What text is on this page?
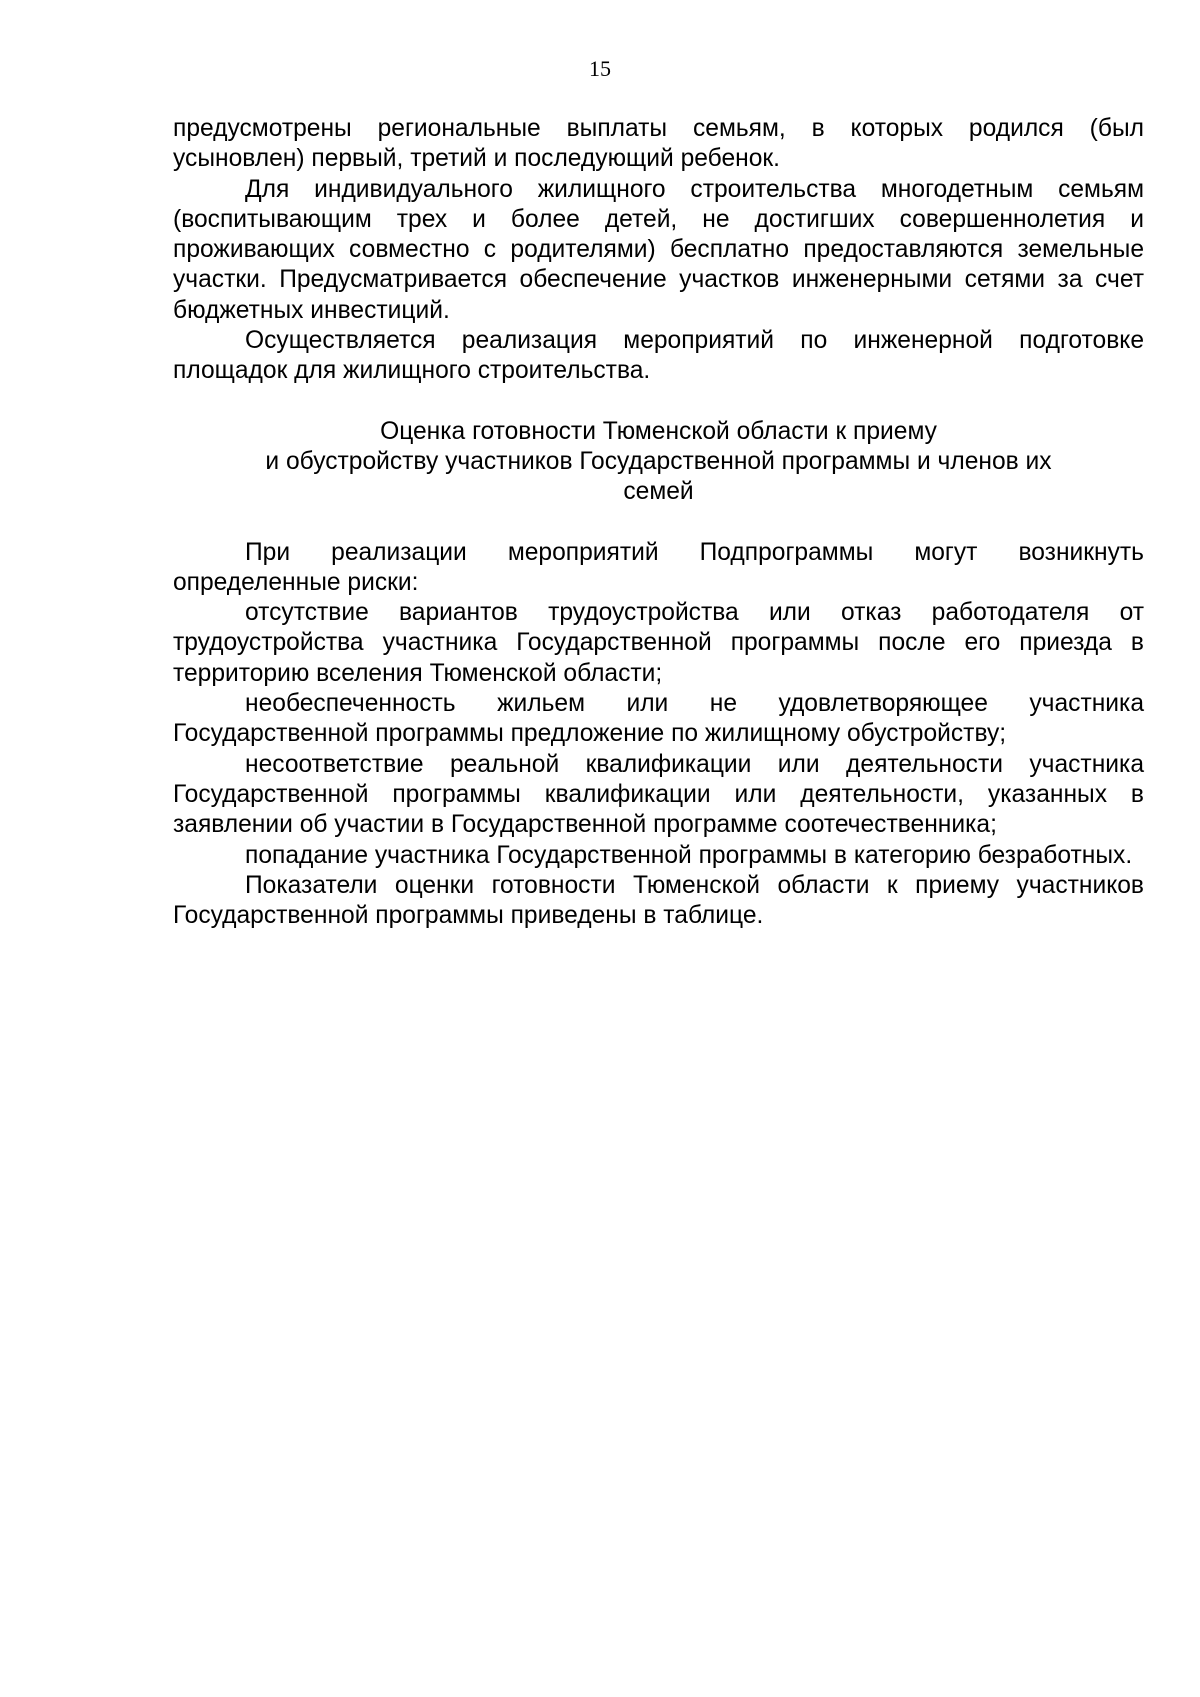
15

предусмотрены региональные выплаты семьям, в которых родился (был усыновлен) первый, третий и последующий ребенок.

Для индивидуального жилищного строительства многодетным семьям (воспитывающим трех и более детей, не достигших совершеннолетия и проживающих совместно с родителями) бесплатно предоставляются земельные участки. Предусматривается обеспечение участков инженерными сетями за счет бюджетных инвестиций.

Осуществляется реализация мероприятий по инженерной подготовке площадок для жилищного строительства.

Оценка готовности Тюменской области к приему
и обустройству участников Государственной программы и членов их
семей

При реализации мероприятий Подпрограммы могут возникнуть определенные риски:

отсутствие вариантов трудоустройства или отказ работодателя от трудоустройства участника Государственной программы после его приезда в территорию вселения Тюменской области;

необеспеченность жильем или не удовлетворяющее участника Государственной программы предложение по жилищному обустройству;

несоответствие реальной квалификации или деятельности участника Государственной программы квалификации или деятельности, указанных в заявлении об участии в Государственной программе соотечественника;

попадание участника Государственной программы в категорию безработных.

Показатели оценки готовности Тюменской области к приему участников Государственной программы приведены в таблице.
